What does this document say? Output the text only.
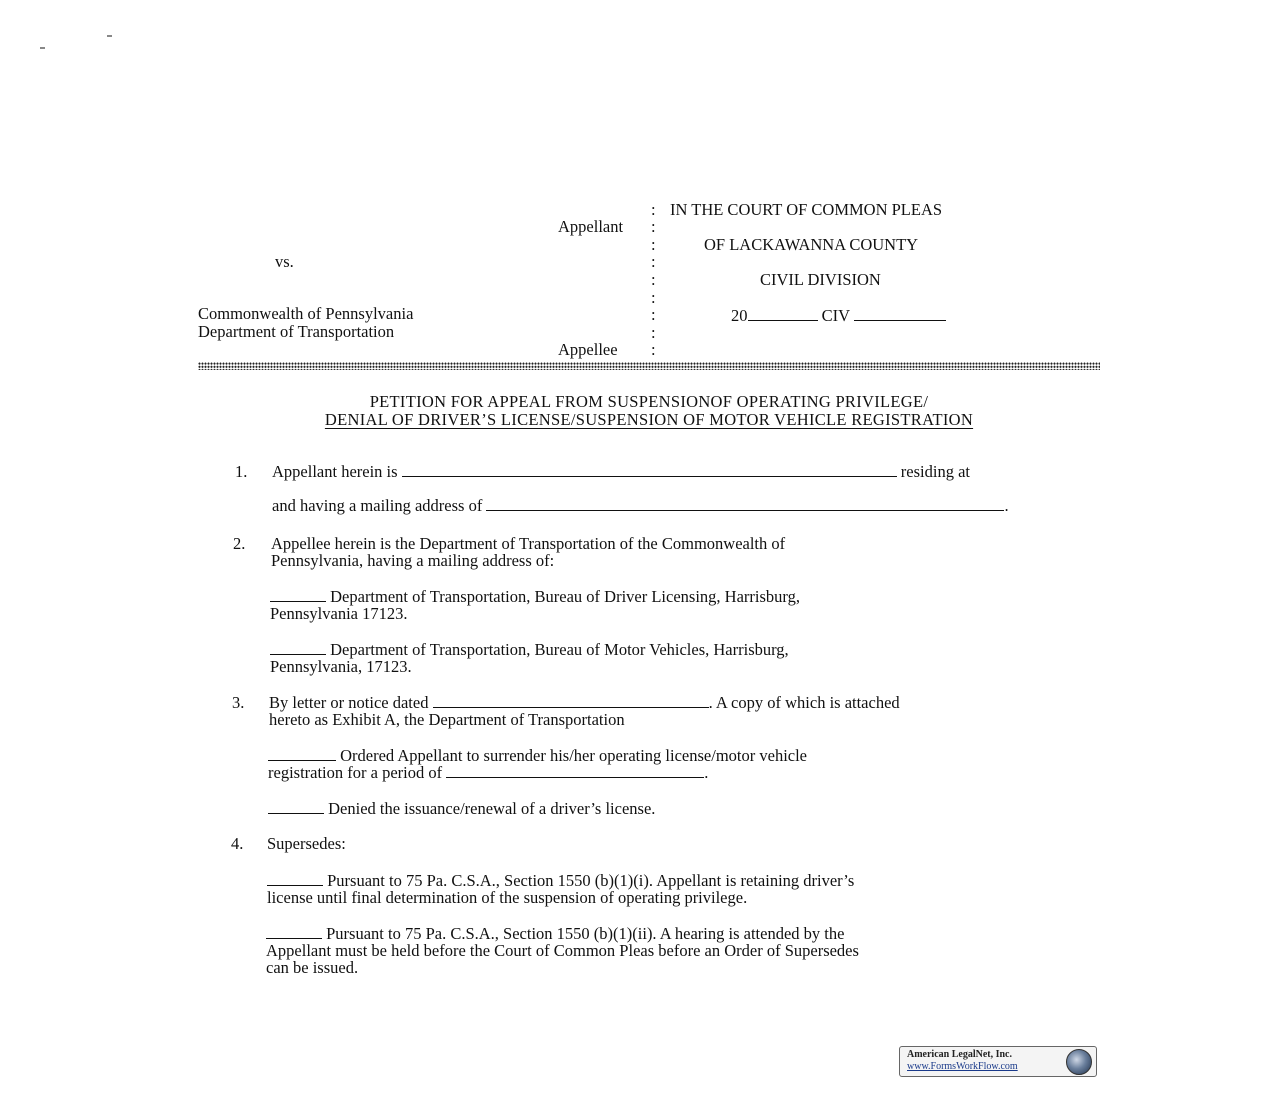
: IN THE COURT OF COMMON PLEAS
Appellant :
:	OF LACKAWANNA COUNTY
vs.	:
:	CIVIL DIVISION
:
Commonwealth of Pennsylvania	:	20	CIV
Department of Transportation	:
Appellee :
PETITION FOR APPEAL FROM SUSPENSIONOF OPERATING PRIVILEGE/
DENIAL OF DRIVER’S LICENSE/SUSPENSION OF MOTOR VEHICLE REGISTRATION
1. Appellant herein is	residing at
and having a mailing address of	.
2. Appellee herein is the Department of Transportation of the Commonwealth of
Pennsylvania, having a mailing address of:
Department of Transportation, Bureau of Driver Licensing, Harrisburg,
Pennsylvania 17123.
Department of Transportation, Bureau of Motor Vehicles, Harrisburg,
Pennsylvania, 17123.
3. By letter or notice dated	. A copy of which is attached
hereto as Exhibit A, the Department of Transportation
Ordered Appellant to surrender his/her operating license/motor vehicle
registration for a period of	.
Denied the issuance/renewal of a driver’s license.
4. Supersedes:
Pursuant to 75 Pa. C.S.A., Section 1550 (b)(1)(i). Appellant is retaining driver’s
license until final determination of the suspension of operating privilege.
Pursuant to 75 Pa. C.S.A., Section 1550 (b)(1)(ii). A hearing is attended by the
Appellant must be held before the Court of Common Pleas before an Order of Supersedes
can be issued.
American LegalNet, Inc.
www.FormsWorkFlow.com
